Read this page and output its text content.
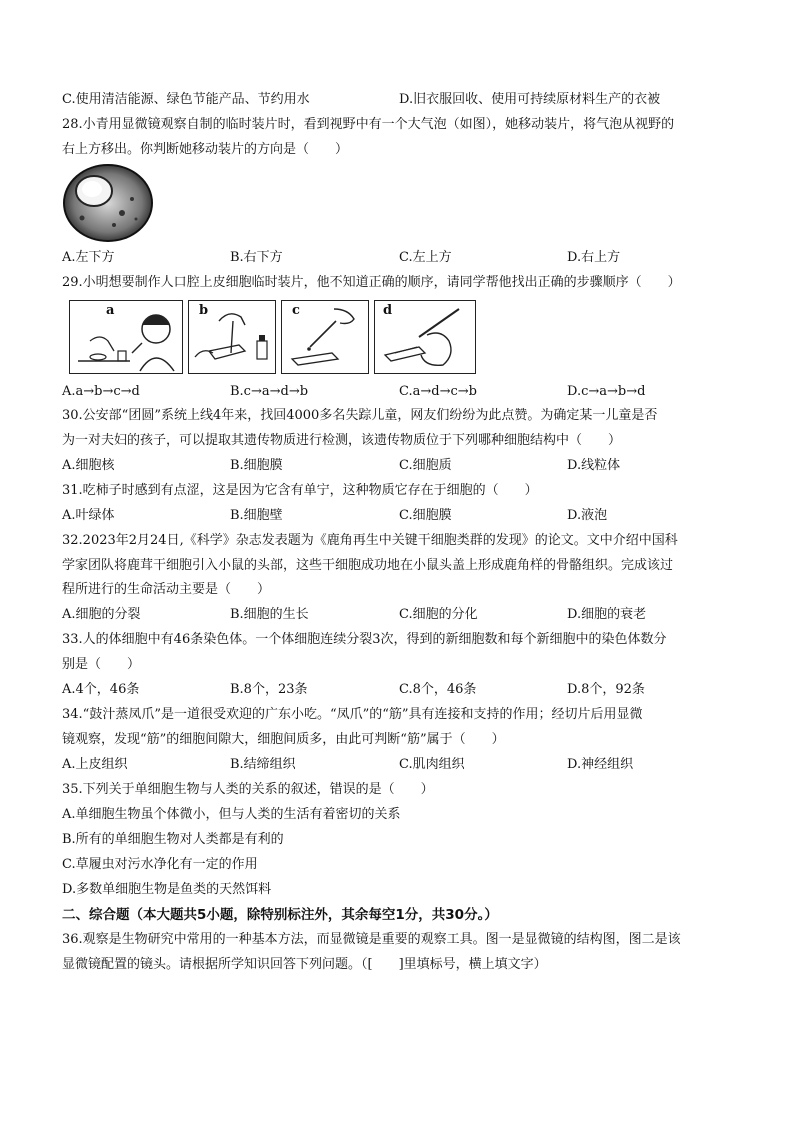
C.使用清洁能源、绿色节能产品、节约用水	D.旧衣服回收、使用可持续原材料生产的衣被
28.小青用显微镜观察自制的临时装片时，看到视野中有一个大气泡（如图），她移动装片，将气泡从视野的
右上方移出。你判断她移动装片的方向是（　　）
A.左下方	B.右下方	C.左上方	D.右上方
29.小明想要制作人口腔上皮细胞临时装片，他不知道正确的顺序，请同学帮他找出正确的步骤顺序（　　）
a	b	c	d
A.a→b→c→d	B.c→a→d→b	C.a→d→c→b	D.c→a→b→d
30.公安部“团圆”系统上线4年来，找回4000多名失踪儿童，网友们纷纷为此点赞。为确定某一儿童是否
为一对夫妇的孩子，可以提取其遗传物质进行检测，该遗传物质位于下列哪种细胞结构中（　　）
A.细胞核	B.细胞膜	C.细胞质	D.线粒体
31.吃柿子时感到有点涩，这是因为它含有单宁，这种物质它存在于细胞的（　　）
A.叶绿体	B.细胞壁	C.细胞膜	D.液泡
32.2023年2月24日,《科学》杂志发表题为《鹿角再生中关键干细胞类群的发现》的论文。文中介绍中国科
学家团队将鹿茸干细胞引入小鼠的头部，这些干细胞成功地在小鼠头盖上形成鹿角样的骨骼组织。完成该过
程所进行的生命活动主要是（　　）
A.细胞的分裂	B.细胞的生长	C.细胞的分化	D.细胞的衰老
33.人的体细胞中有46条染色体。一个体细胞连续分裂3次，得到的新细胞数和每个新细胞中的染色体数分
别是（　　）
A.4个，46条	B.8个，23条	C.8个，46条	D.8个，92条
34.“鼓汁蒸凤爪”是一道很受欢迎的广东小吃。“凤爪”的“筋”具有连接和支持的作用；经切片后用显微
镜观察，发现“筋”的细胞间隙大，细胞间质多，由此可判断“筋”属于（　　）
A.上皮组织	B.结缔组织	C.肌肉组织	D.神经组织
35.下列关于单细胞生物与人类的关系的叙述，错误的是（　　）
A.单细胞生物虽个体微小，但与人类的生活有着密切的关系
B.所有的单细胞生物对人类都是有利的
C.草履虫对污水净化有一定的作用
D.多数单细胞生物是鱼类的天然饵料
二、综合题（本大题共5小题，除特别标注外，其余每空1分，共30分。）
36.观察是生物研究中常用的一种基本方法，而显微镜是重要的观察工具。图一是显微镜的结构图，图二是该
显微镜配置的镜头。请根据所学知识回答下列问题。（[　　]里填标号，横上填文字）
